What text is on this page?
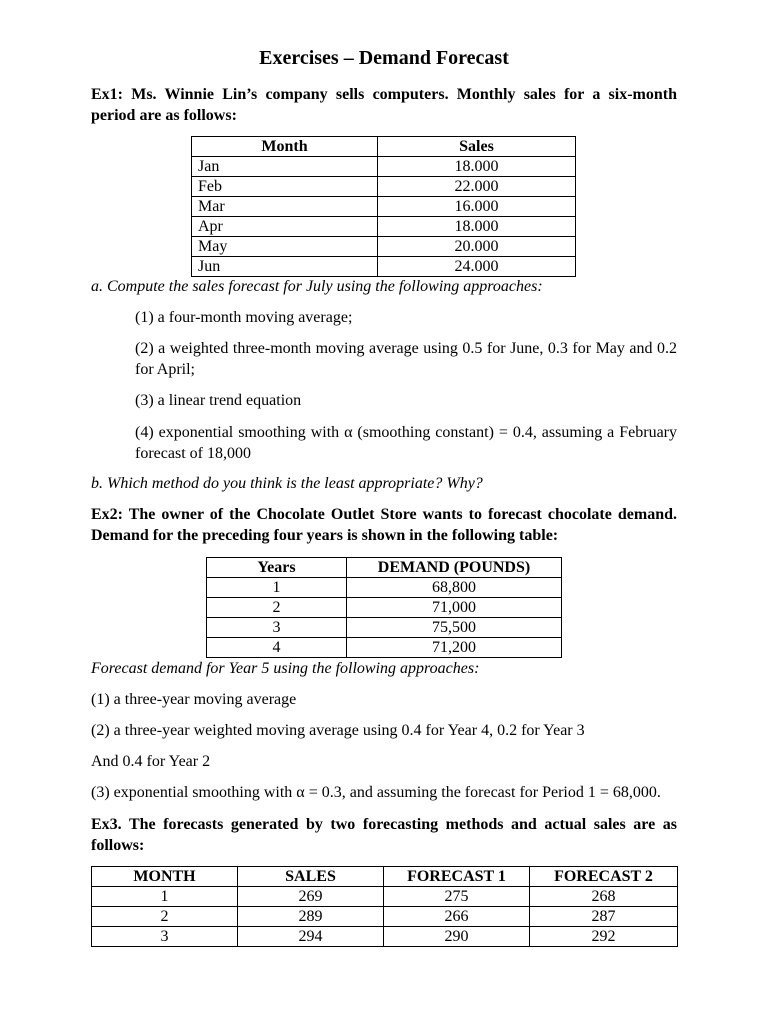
Exercises – Demand Forecast
Ex1: Ms. Winnie Lin’s company sells computers. Monthly sales for a six-month period are as follows:
Month	Sales
Jan	18.000
Feb	22.000
Mar	16.000
Apr	18.000
May	20.000
Jun	24.000
a. Compute the sales forecast for July using the following approaches:
(1) a four-month moving average;
(2) a weighted three-month moving average using 0.5 for June, 0.3 for May and 0.2 for April;
(3) a linear trend equation
(4) exponential smoothing with α (smoothing constant) = 0.4, assuming a February forecast of 18,000
b. Which method do you think is the least appropriate? Why?
Ex2: The owner of the Chocolate Outlet Store wants to forecast chocolate demand. Demand for the preceding four years is shown in the following table:
Years	DEMAND (POUNDS)
1	68,800
2	71,000
3	75,500
4	71,200
Forecast demand for Year 5 using the following approaches:
(1) a three-year moving average
(2) a three-year weighted moving average using 0.4 for Year 4, 0.2 for Year 3
And 0.4 for Year 2
(3) exponential smoothing with α = 0.3, and assuming the forecast for Period 1 = 68,000.
Ex3. The forecasts generated by two forecasting methods and actual sales are as follows:
MONTH	SALES	FORECAST 1	FORECAST 2
1	269	275	268
2	289	266	287
3	294	290	292
